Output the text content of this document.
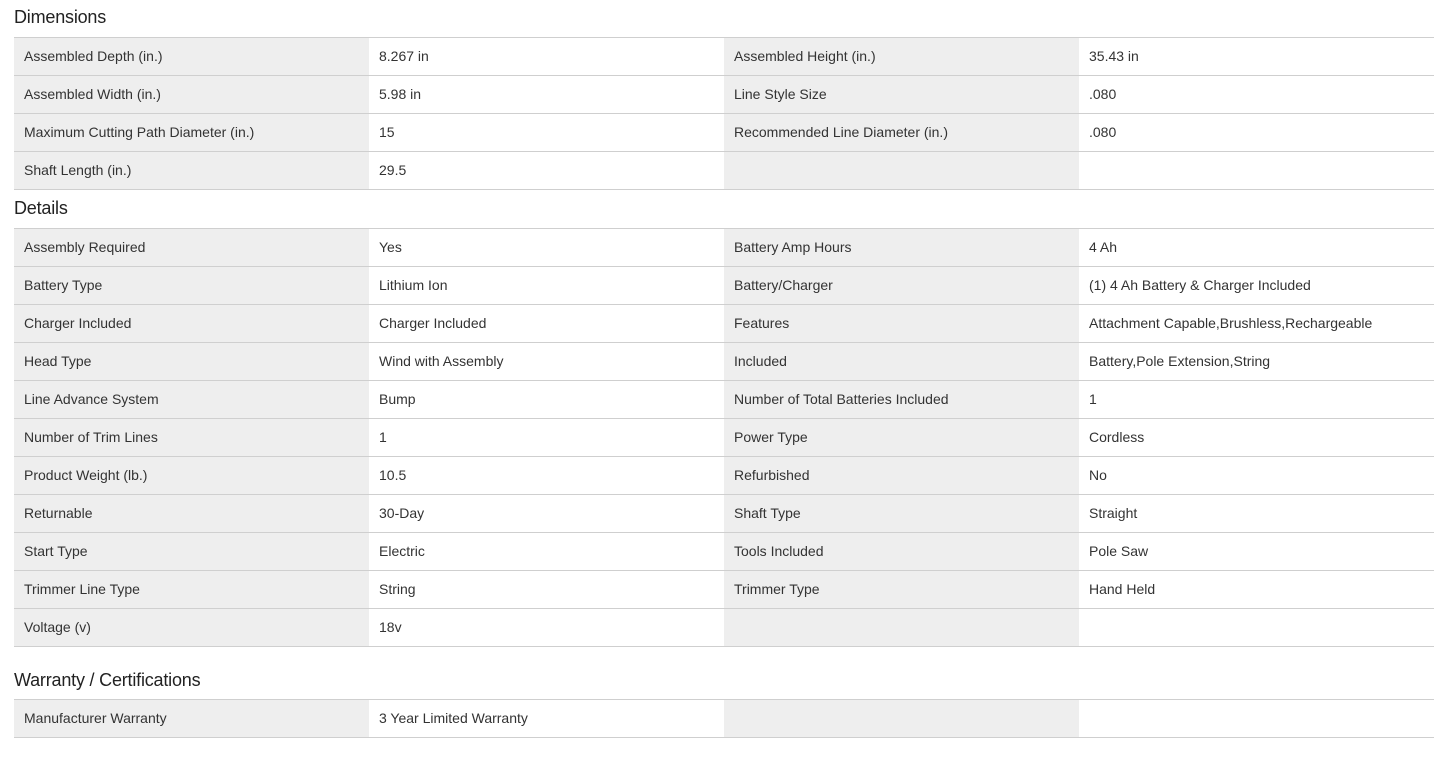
Dimensions
Assembled Depth (in.)	8.267 in	Assembled Height (in.)	35.43 in
Assembled Width (in.)	5.98 in	Line Style Size	.080
Maximum Cutting Path Diameter (in.)	15	Recommended Line Diameter (in.)	.080
Shaft Length (in.)	29.5
Details
Assembly Required	Yes	Battery Amp Hours	4 Ah
Battery Type	Lithium Ion	Battery/Charger	(1) 4 Ah Battery & Charger Included
Charger Included	Charger Included	Features	Attachment Capable,Brushless,Rechargeable
Head Type	Wind with Assembly	Included	Battery,Pole Extension,String
Line Advance System	Bump	Number of Total Batteries Included	1
Number of Trim Lines	1	Power Type	Cordless
Product Weight (lb.)	10.5	Refurbished	No
Returnable	30-Day	Shaft Type	Straight
Start Type	Electric	Tools Included	Pole Saw
Trimmer Line Type	String	Trimmer Type	Hand Held
Voltage (v)	18v
Warranty / Certifications
Manufacturer Warranty	3 Year Limited Warranty
